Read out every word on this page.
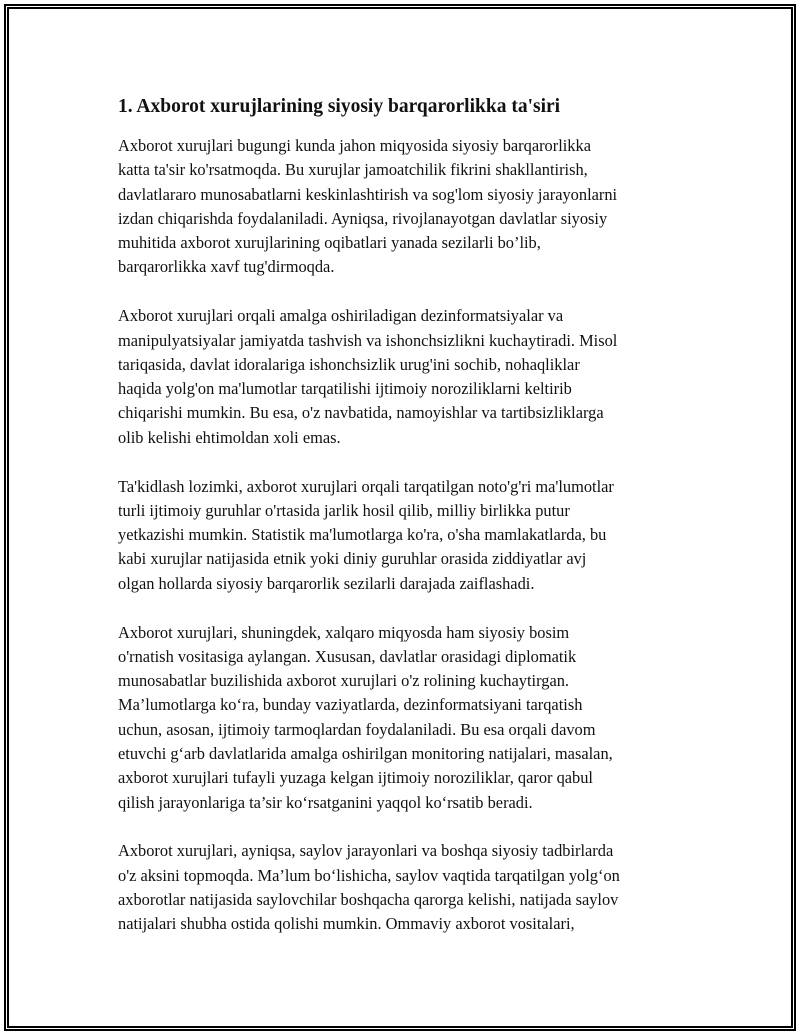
1. Axborot xurujlarining siyosiy barqarorlikka ta'siri
Axborot xurujlari bugungi kunda jahon miqyosida siyosiy barqarorlikka
katta ta'sir ko'rsatmoqda. Bu xurujlar jamoatchilik fikrini shakllantirish,
davlatlararo munosabatlarni keskinlashtirish va sog'lom siyosiy jarayonlarni
izdan chiqarishda foydalaniladi. Ayniqsa, rivojlanayotgan davlatlar siyosiy
muhitida axborot xurujlarining oqibatlari yanada sezilarli bo’lib,
barqarorlikka xavf tug'dirmoqda.
Axborot xurujlari orqali amalga oshiriladigan dezinformatsiyalar va
manipulyatsiyalar jamiyatda tashvish va ishonchsizlikni kuchaytiradi. Misol
tariqasida, davlat idoralariga ishonchsizlik urug'ini sochib, nohaqliklar
haqida yolg'on ma'lumotlar tarqatilishi ijtimoiy noroziliklarni keltirib
chiqarishi mumkin. Bu esa, o'z navbatida, namoyishlar va tartibsizliklarga
olib kelishi ehtimoldan xoli emas.
Ta'kidlash lozimki, axborot xurujlari orqali tarqatilgan noto'g'ri ma'lumotlar
turli ijtimoiy guruhlar o'rtasida jarlik hosil qilib, milliy birlikka putur
yetkazishi mumkin. Statistik ma'lumotlarga ko'ra, o'sha mamlakatlarda, bu
kabi xurujlar natijasida etnik yoki diniy guruhlar orasida ziddiyatlar avj
olgan hollarda siyosiy barqarorlik sezilarli darajada zaiflashadi.
Axborot xurujlari, shuningdek, xalqaro miqyosda ham siyosiy bosim
o'rnatish vositasiga aylangan. Xususan, davlatlar orasidagi diplomatik
munosabatlar buzilishida axborot xurujlari o'z rolining kuchaytirgan.
Ma’lumotlarga ko‘ra, bunday vaziyatlarda, dezinformatsiyani tarqatish
uchun, asosan, ijtimoiy tarmoqlardan foydalaniladi. Bu esa orqali davom
etuvchi g‘arb davlatlarida amalga oshirilgan monitoring natijalari, masalan,
axborot xurujlari tufayli yuzaga kelgan ijtimoiy noroziliklar, qaror qabul
qilish jarayonlariga ta’sir ko‘rsatganini yaqqol ko‘rsatib beradi.
Axborot xurujlari, ayniqsa, saylov jarayonlari va boshqa siyosiy tadbirlarda
o'z aksini topmoqda. Ma’lum bo‘lishicha, saylov vaqtida tarqatilgan yolg‘on
axborotlar natijasida saylovchilar boshqacha qarorga kelishi, natijada saylov
natijalari shubha ostida qolishi mumkin. Ommaviy axborot vositalari,
